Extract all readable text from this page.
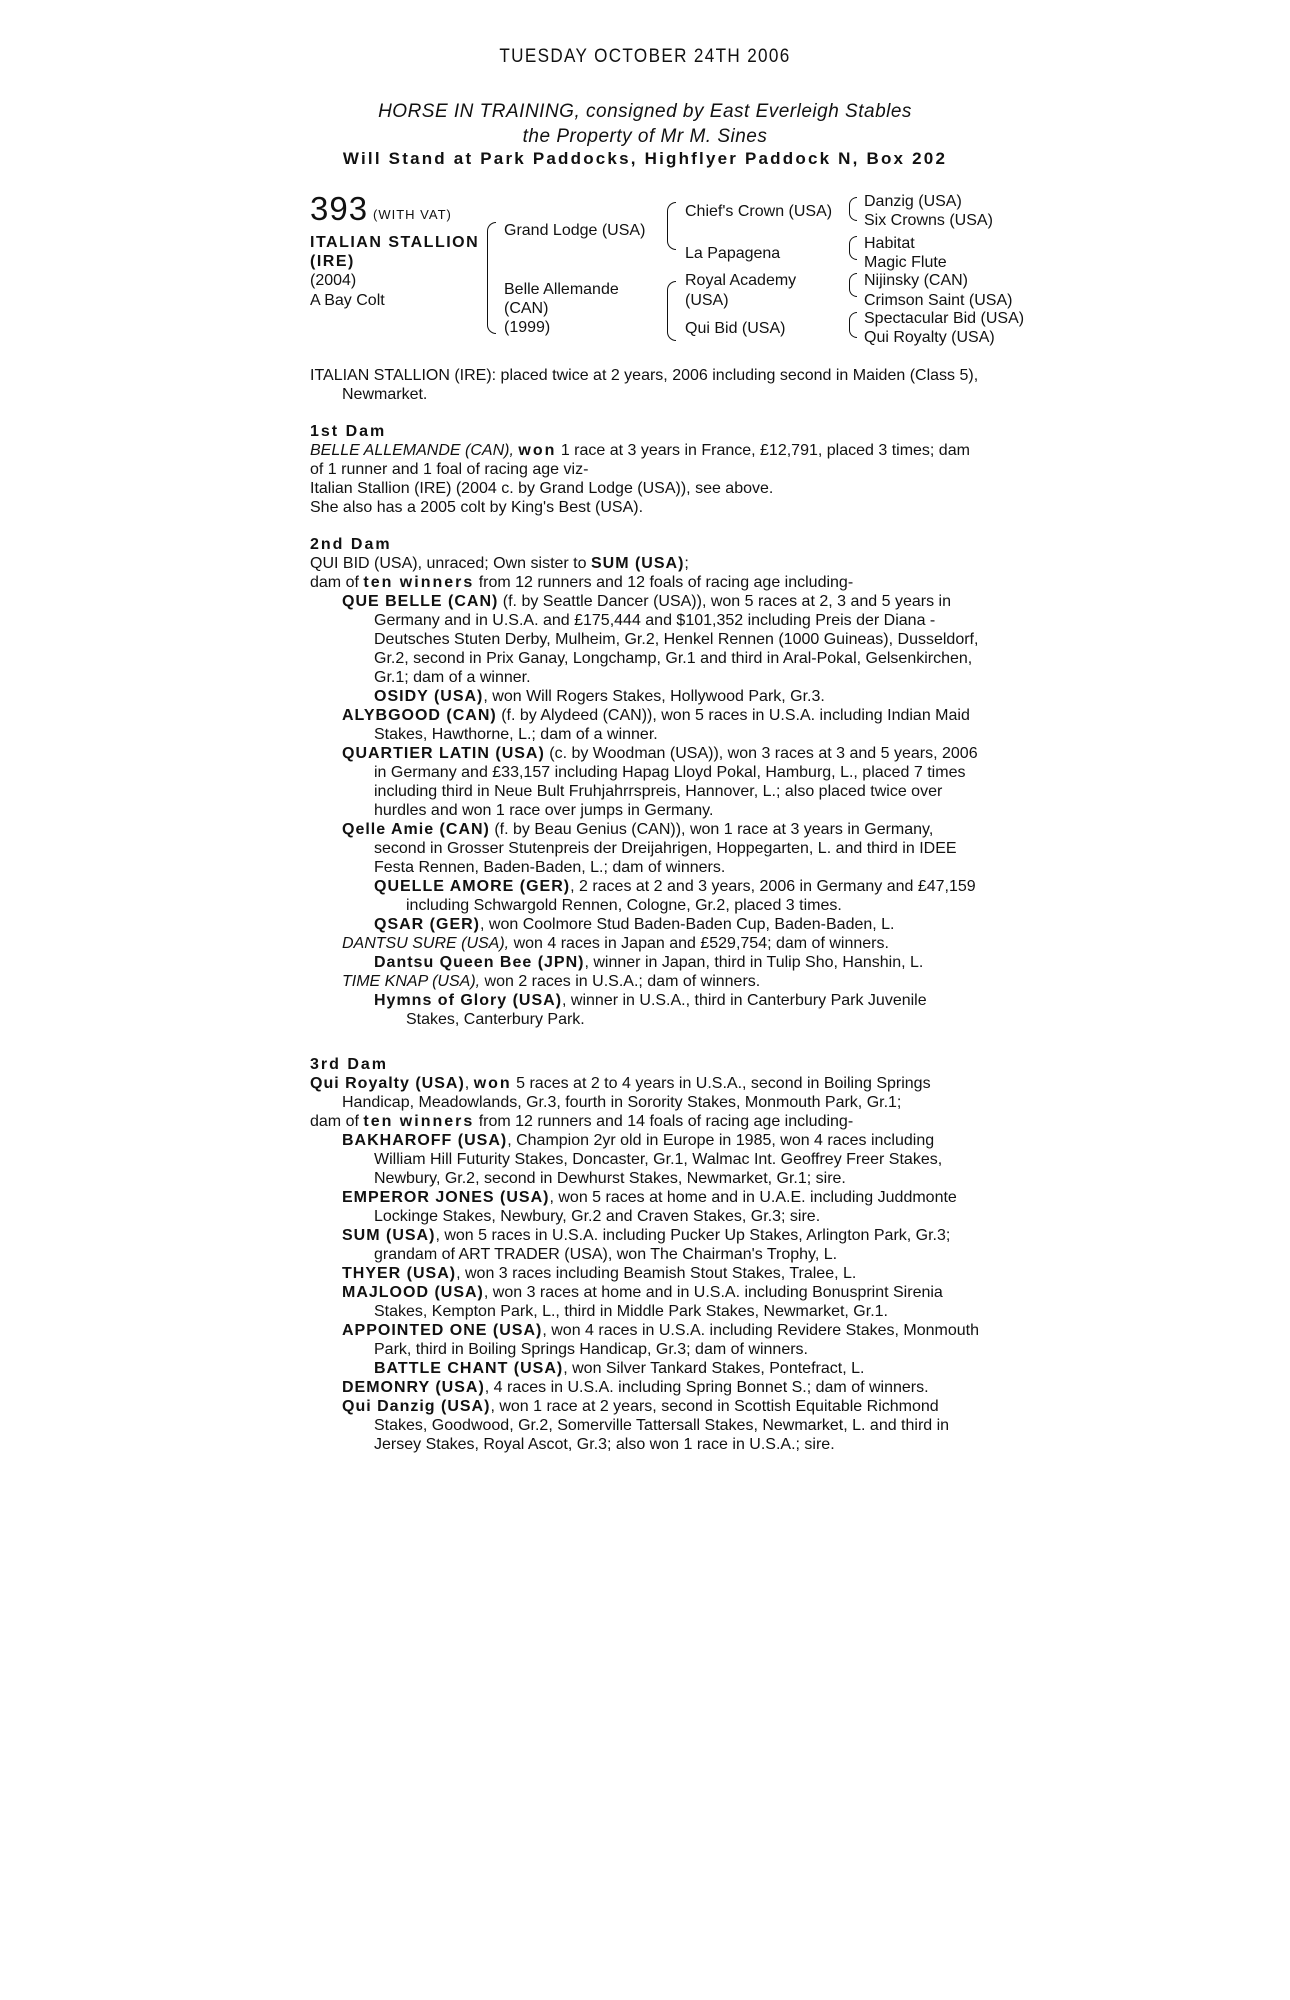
TUESDAY OCTOBER 24TH 2006
HORSE IN TRAINING, consigned by East Everleigh Stables
the Property of Mr M. Sines
Will Stand at Park Paddocks, Highflyer Paddock N, Box 202
393 (WITH VAT)
ITALIAN STALLION
(IRE)
(2004)
A Bay Colt
Grand Lodge (USA)
Belle Allemande
(CAN)
(1999)
Chief's Crown (USA)
La Papagena
Royal Academy
(USA)
Qui Bid (USA)
Danzig (USA)
Six Crowns (USA)
Habitat
Magic Flute
Nijinsky (CAN)
Crimson Saint (USA)
Spectacular Bid (USA)
Qui Royalty (USA)

ITALIAN STALLION (IRE): placed twice at 2 years, 2006 including second in Maiden (Class 5), Newmarket.

1st Dam

BELLE ALLEMANDE (CAN), won 1 race at 3 years in France, £12,791, placed 3 times; dam of 1 runner and 1 foal of racing age viz-

Italian Stallion (IRE) (2004 c. by Grand Lodge (USA)), see above.

She also has a 2005 colt by King's Best (USA).

2nd Dam

QUI BID (USA), unraced; Own sister to SUM (USA);

dam of ten winners from 12 runners and 12 foals of racing age including-

QUE BELLE (CAN) (f. by Seattle Dancer (USA)), won 5 races at 2, 3 and 5 years in Germany and in U.S.A. and £175,444 and $101,352 including Preis der Diana - Deutsches Stuten Derby, Mulheim, Gr.2, Henkel Rennen (1000 Guineas), Dusseldorf, Gr.2, second in Prix Ganay, Longchamp, Gr.1 and third in Aral-Pokal, Gelsenkirchen, Gr.1; dam of a winner.

OSIDY (USA), won Will Rogers Stakes, Hollywood Park, Gr.3.

ALYBGOOD (CAN) (f. by Alydeed (CAN)), won 5 races in U.S.A. including Indian Maid Stakes, Hawthorne, L.; dam of a winner.

QUARTIER LATIN (USA) (c. by Woodman (USA)), won 3 races at 3 and 5 years, 2006 in Germany and £33,157 including Hapag Lloyd Pokal, Hamburg, L., placed 7 times including third in Neue Bult Fruhjahrrspreis, Hannover, L.; also placed twice over hurdles and won 1 race over jumps in Germany.

Qelle Amie (CAN) (f. by Beau Genius (CAN)), won 1 race at 3 years in Germany, second in Grosser Stutenpreis der Dreijahrigen, Hoppegarten, L. and third in IDEE Festa Rennen, Baden-Baden, L.; dam of winners.

QUELLE AMORE (GER), 2 races at 2 and 3 years, 2006 in Germany and £47,159 including Schwargold Rennen, Cologne, Gr.2, placed 3 times.

QSAR (GER), won Coolmore Stud Baden-Baden Cup, Baden-Baden, L.

DANTSU SURE (USA), won 4 races in Japan and £529,754; dam of winners.

Dantsu Queen Bee (JPN), winner in Japan, third in Tulip Sho, Hanshin, L.

TIME KNAP (USA), won 2 races in U.S.A.; dam of winners.

Hymns of Glory (USA), winner in U.S.A., third in Canterbury Park Juvenile Stakes, Canterbury Park.

3rd Dam

Qui Royalty (USA), won 5 races at 2 to 4 years in U.S.A., second in Boiling Springs Handicap, Meadowlands, Gr.3, fourth in Sorority Stakes, Monmouth Park, Gr.1;

dam of ten winners from 12 runners and 14 foals of racing age including-

BAKHAROFF (USA), Champion 2yr old in Europe in 1985, won 4 races including William Hill Futurity Stakes, Doncaster, Gr.1, Walmac Int. Geoffrey Freer Stakes, Newbury, Gr.2, second in Dewhurst Stakes, Newmarket, Gr.1; sire.

EMPEROR JONES (USA), won 5 races at home and in U.A.E. including Juddmonte Lockinge Stakes, Newbury, Gr.2 and Craven Stakes, Gr.3; sire.

SUM (USA), won 5 races in U.S.A. including Pucker Up Stakes, Arlington Park, Gr.3; grandam of ART TRADER (USA), won The Chairman's Trophy, L.

THYER (USA), won 3 races including Beamish Stout Stakes, Tralee, L.

MAJLOOD (USA), won 3 races at home and in U.S.A. including Bonusprint Sirenia Stakes, Kempton Park, L., third in Middle Park Stakes, Newmarket, Gr.1.

APPOINTED ONE (USA), won 4 races in U.S.A. including Revidere Stakes, Monmouth Park, third in Boiling Springs Handicap, Gr.3; dam of winners.

BATTLE CHANT (USA), won Silver Tankard Stakes, Pontefract, L.

DEMONRY (USA), 4 races in U.S.A. including Spring Bonnet S.; dam of winners.

Qui Danzig (USA), won 1 race at 2 years, second in Scottish Equitable Richmond Stakes, Goodwood, Gr.2, Somerville Tattersall Stakes, Newmarket, L. and third in Jersey Stakes, Royal Ascot, Gr.3; also won 1 race in U.S.A.; sire.
